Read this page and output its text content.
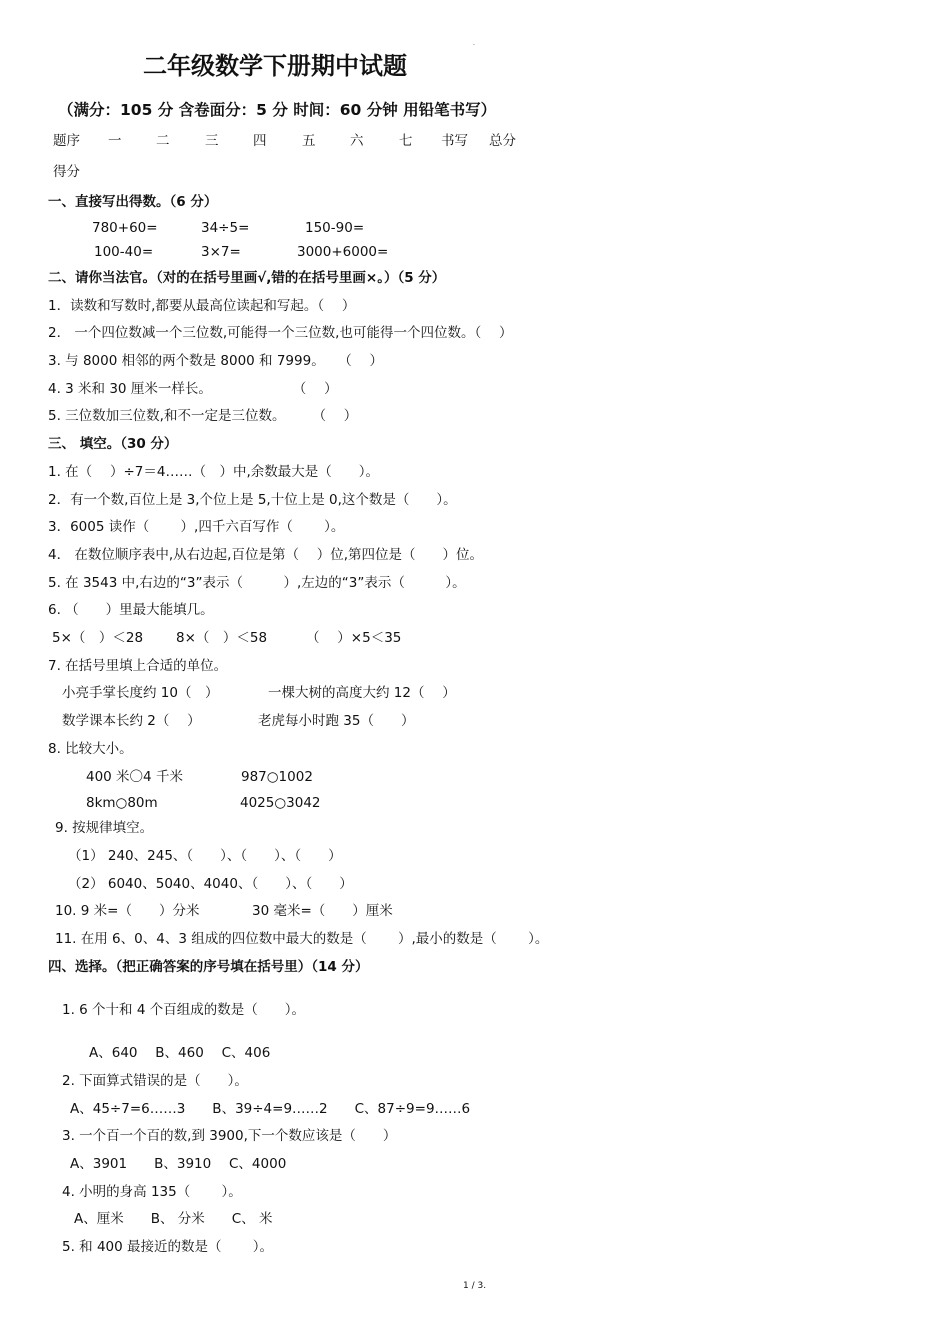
.
二年级数学下册期中试题
（满分：105 分 含卷面分：5 分 时间：60 分钟 用铅笔书写）
题序 一	二	三	四	五	六	七 书写 总分
得分
一、直接写出得数。（6 分）
780+60=	34÷5=	150-90=
100-40=	3×7=	3000+6000=
二、请你当法官。（对的在括号里画√,错的在括号里画×。）（5 分）
1．读数和写数时,都要从最高位读起和写起。（　 ）
2． 一个四位数减一个三位数,可能得一个三位数,也可能得一个四位数。（　 ）
3. 与 8000 相邻的两个数是 8000 和 7999。　　（　 ）
4. 3 米和 30 厘米一样长。　　　　　　　（　 ）
5. 三位数加三位数,和不一定是三位数。　　　（　 ）
三、 填空。（30 分）
1. 在（　 ）÷7＝4……（　）中,余数最大是（　　）。
2．有一个数,百位上是 3,个位上是 5,十位上是 0,这个数是（　　）。
3．6005 读作（　　 ）,四千六百写作（　　 ）。
4． 在数位顺序表中,从右边起,百位是第（　 ）位,第四位是（　　）位。
5. 在 3543 中,右边的“3”表示（　　　）,左边的“3”表示（　　　）。
6. （　　）里最大能填几。
5×（　）＜28 8×（　）＜58	（　 ）×5＜35
7. 在括号里填上合适的单位。
小亮手掌长度约 10（　）	一棵大树的高度大约 12（　 ）
数学课本长约 2（　 ）	老虎每小时跑 35（　　）
8. 比较大小。
400 米〇4 千米	987○1002
8km○80m	4025○3042
9. 按规律填空。
（1） 240、245、（　　）、（　　）、（　　）
（2） 6040、5040、4040、（　　）、（　　）
10. 9 米=（　　）分米	30 毫米=（　　）厘米
11. 在用 6、0、4、3 组成的四位数中最大的数是（　　 ）,最小的数是（　　 ）。
四、选择。（把正确答案的序号填在括号里）（14 分）
1. 6 个十和 4 个百组成的数是（　　）。
A、640　 B、460　 C、406
2. 下面算式错误的是（　　）。
A、45÷7=6……3　　B、39÷4=9……2　　C、87÷9=9……6
3. 一个百一个百的数,到 3900,下一个数应该是（　　）
A、3901　　B、3910　 C、4000
4. 小明的身高 135（　　 ）。
A、厘米　　B、 分米　　C、 米
5. 和 400 最接近的数是（　　 ）。
1 / 3.
